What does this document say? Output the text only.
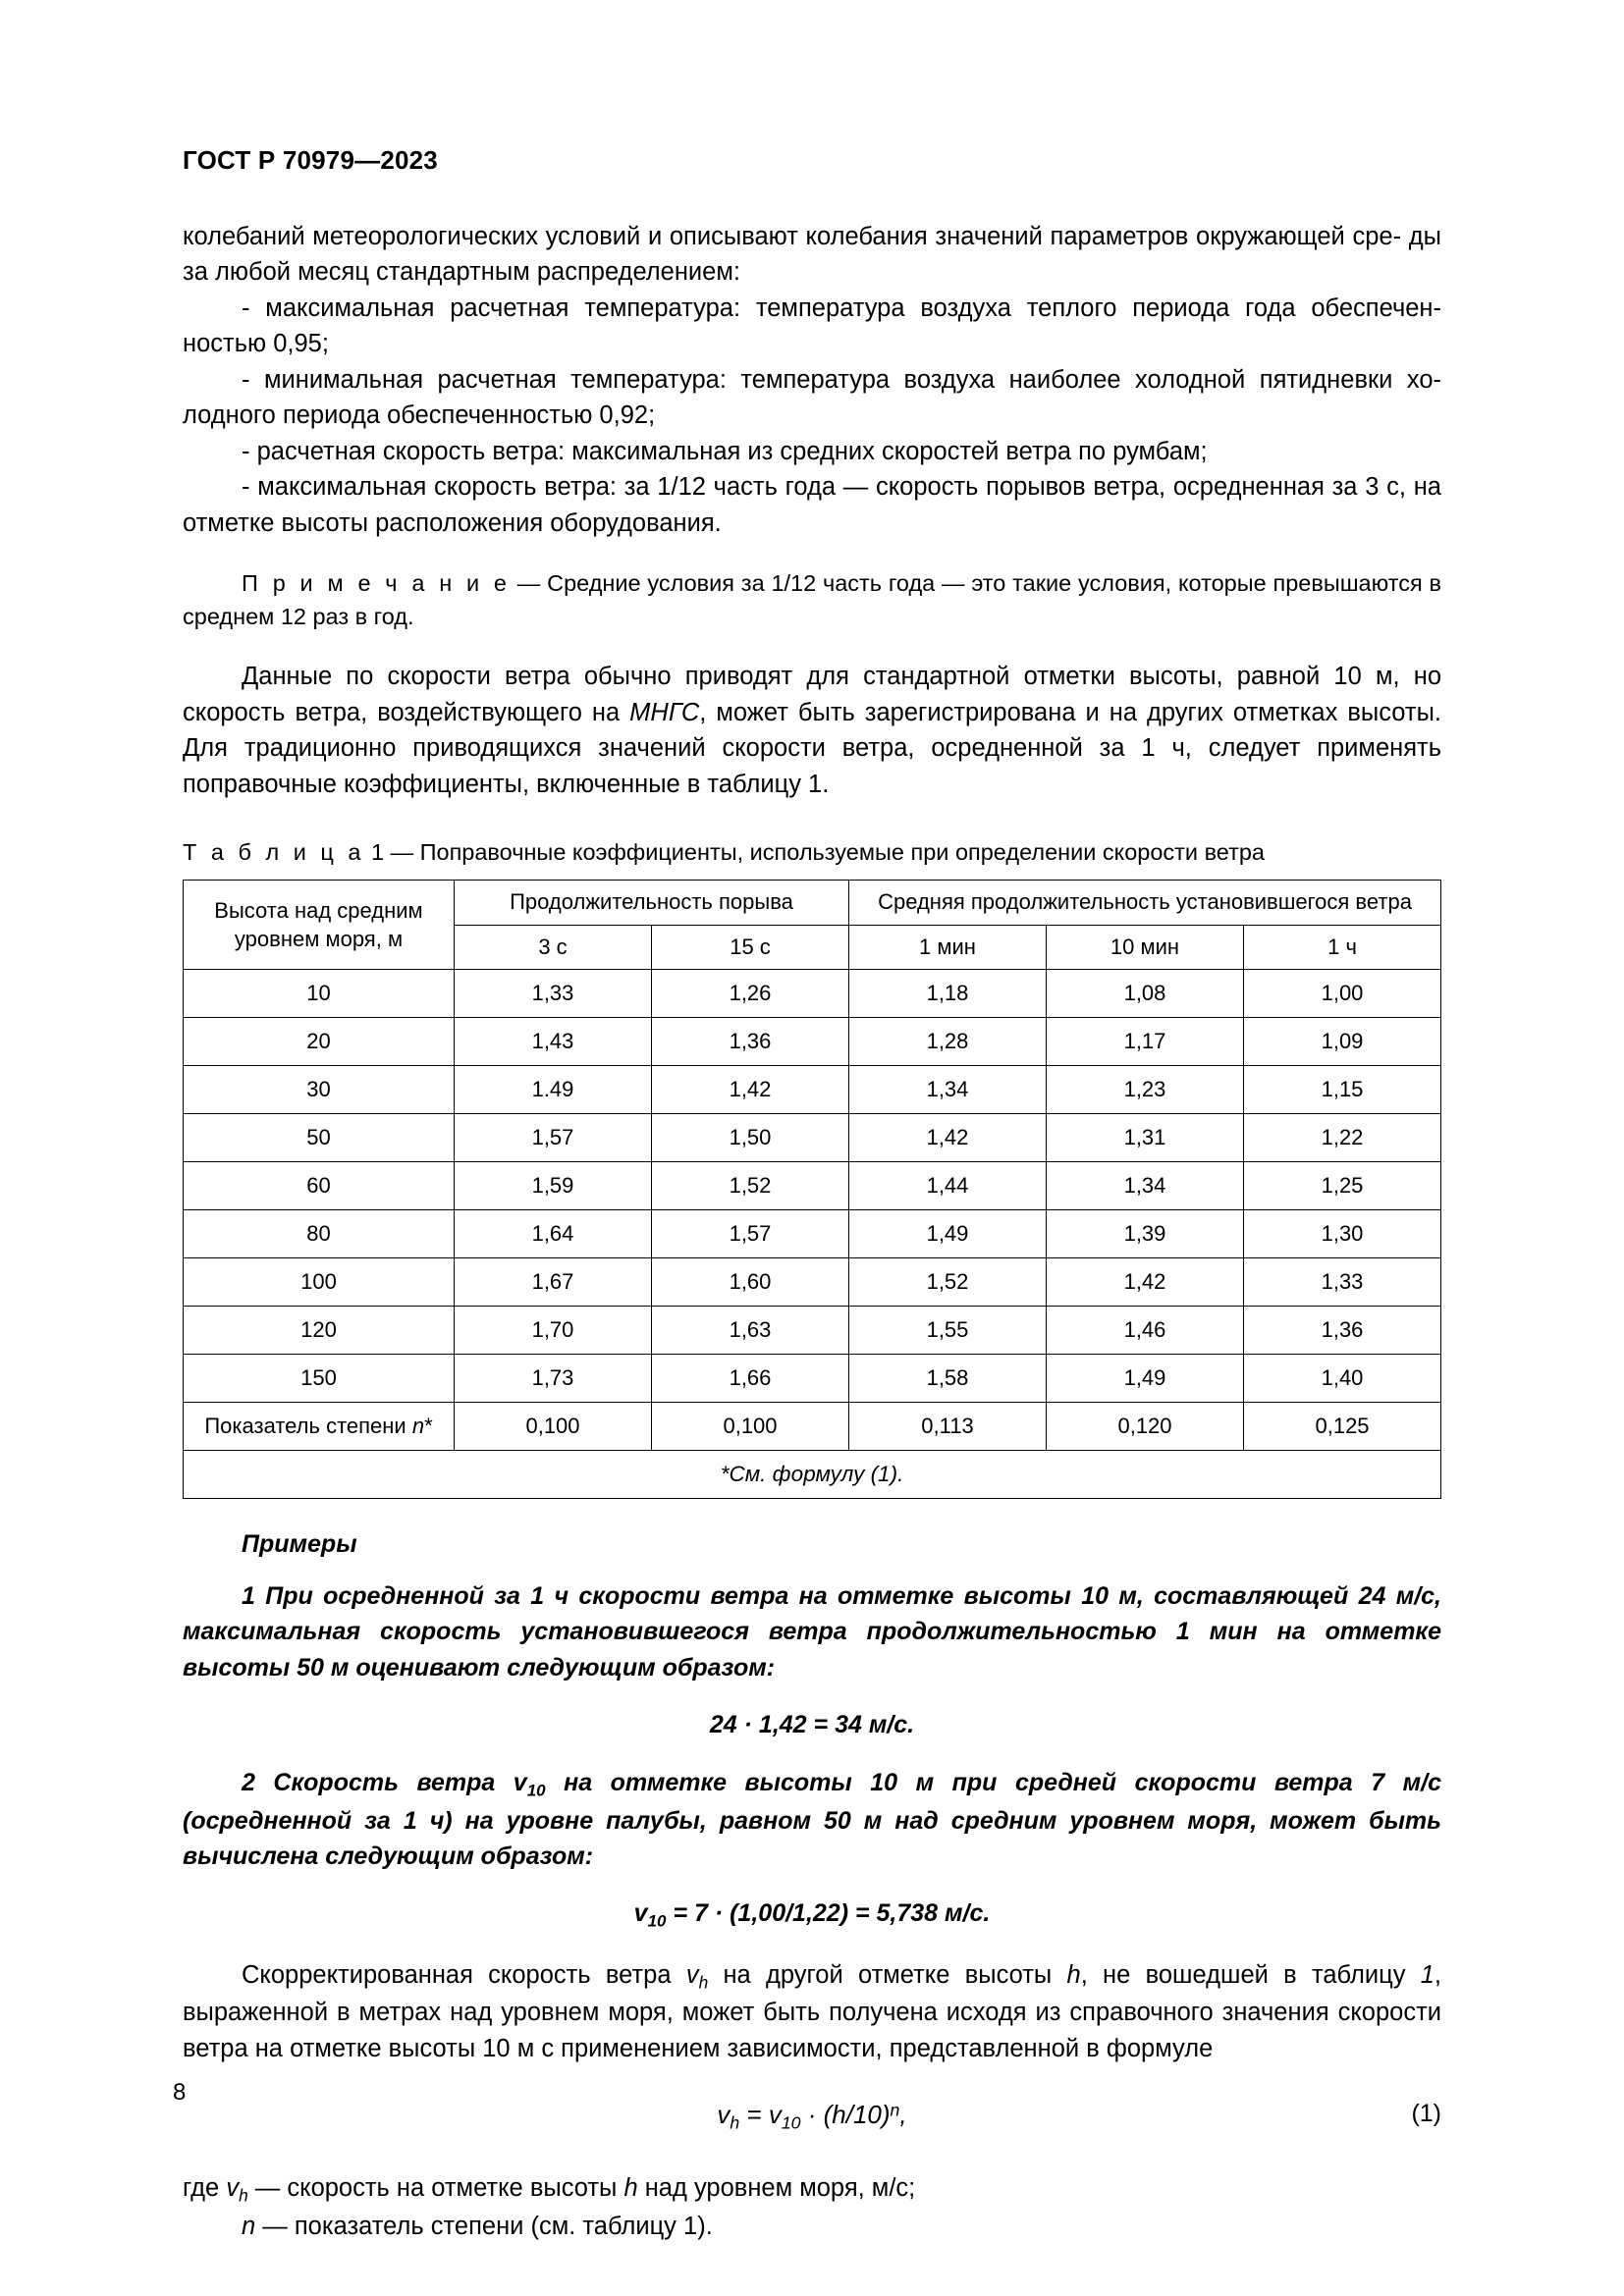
ГОСТ Р 70979—2023

колебаний метеорологических условий и описывают колебания значений параметров окружающей сре- ды за любой месяц стандартным распределением:

- максимальная расчетная температура: температура воздуха теплого периода года обеспечен- ностью 0,95;

- минимальная расчетная температура: температура воздуха наиболее холодной пятидневки хо- лодного периода обеспеченностью 0,92;

- расчетная скорость ветра: максимальная из средних скоростей ветра по румбам;

- максимальная скорость ветра: за 1/12 часть года — скорость порывов ветра, осредненная за 3 с, на отметке высоты расположения оборудования.

П р и м е ч а н и е — Средние условия за 1/12 часть года — это такие условия, которые превышаются в среднем 12 раз в год.

Данные по скорости ветра обычно приводят для стандартной отметки высоты, равной 10 м, но скорость ветра, воздействующего на МНГС, может быть зарегистрирована и на других отметках высоты. Для традиционно приводящихся значений скорости ветра, осредненной за 1 ч, следует применять поправочные коэффициенты, включенные в таблицу 1.

Т а б л и ц а 1 — Поправочные коэффициенты, используемые при определении скорости ветра
Высота над средним
уровнем моря, м	Продолжительность порыва		Средняя продолжительность установившегося ветра		
	3 с	15 с	1 мин	10 мин	1 ч
10	1,33	1,26	1,18	1,08	1,00
20	1,43	1,36	1,28	1,17	1,09
30	1.49	1,42	1,34	1,23	1,15
50	1,57	1,50	1,42	1,31	1,22
60	1,59	1,52	1,44	1,34	1,25
80	1,64	1,57	1,49	1,39	1,30
100	1,67	1,60	1,52	1,42	1,33
120	1,70	1,63	1,55	1,46	1,36
150	1,73	1,66	1,58	1,49	1,40
Показатель степени n*	0,100	0,100	0,113	0,120	0,125
*См. формулу (1).					
Примеры

1 При осредненной за 1 ч скорости ветра на отметке высоты 10 м, составляющей 24 м/с, максимальная скорость установившегося ветра продолжительностью 1 мин на отметке высоты 50 м оценивают следующим образом:

24 · 1,42 = 34 м/с.

2 Скорость ветра $v_{10}$ на отметке высоты 10 м при средней скорости ветра 7 м/с (осредненной за 1 ч) на уровне палубы, равном 50 м над средним уровнем моря, может быть вычислена следующим образом:

$v_{10} = 7 \cdot (1,00/1,22) = 5,738$ м/с.

Скорректированная скорость ветра $v_h$ на другой отметке высоты h, не вошедшей в таблицу 1, выраженной в метрах над уровнем моря, может быть получена исходя из справочного значения скорости ветра на отметке высоты 10 м с применением зависимости, представленной в формуле

$v_h = v_{10} \cdot (h/10)^n$,	(1)

где $v_h$ — скорость на отметке высоты h над уровнем моря, м/с;

n — показатель степени (см. таблицу 1).

8
